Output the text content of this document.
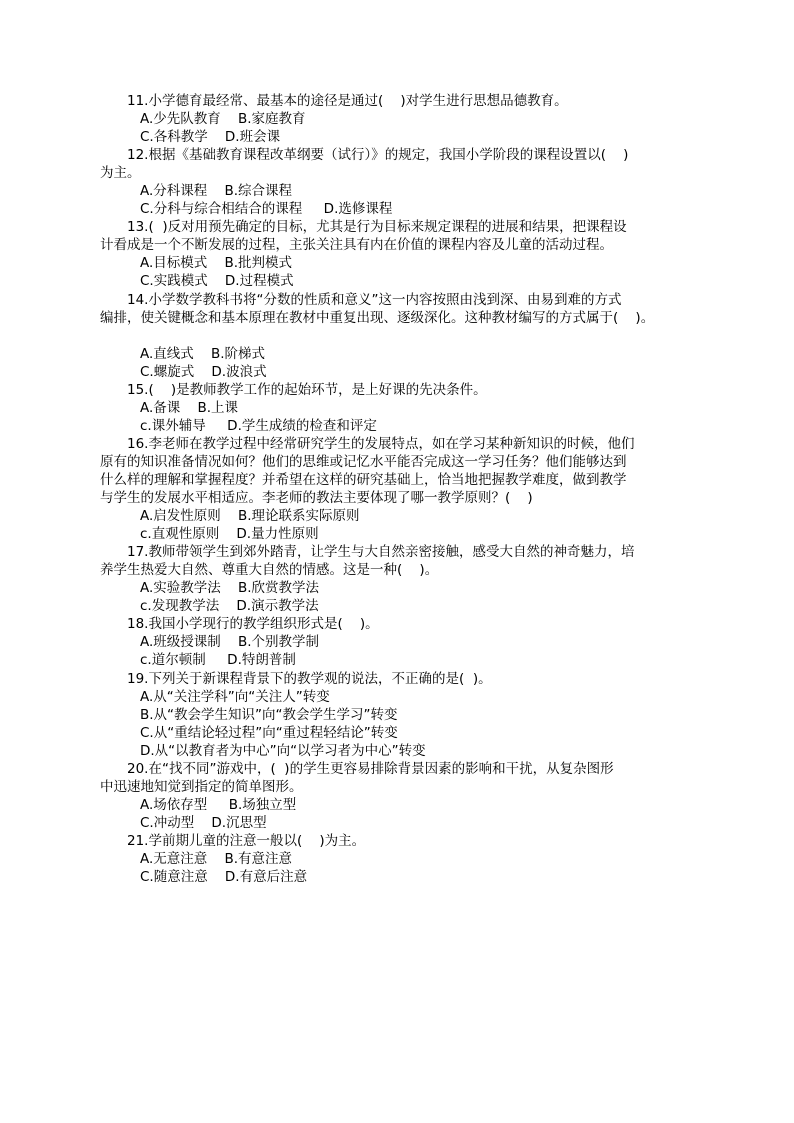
11.小学德育最经常、最基本的途径是通过(    )对学生进行思想品德教育。
A.少先队教育    B.家庭教育
C.各科教学    D.班会课
12.根据《基础教育课程改革纲要（试行）》的规定，我国小学阶段的课程设置以(    )
为主。
A.分科课程    B.综合课程
C.分科与综合相结合的课程     D.选修课程
13.(  )反对用预先确定的目标，尤其是行为目标来规定课程的进展和结果，把课程设
计看成是一个不断发展的过程，主张关注具有内在价值的课程内容及儿童的活动过程。
A.目标模式    B.批判模式
C.实践模式    D.过程模式
14.小学数学教科书将“分数的性质和意义”这一内容按照由浅到深、由易到难的方式
编排，使关键概念和基本原理在教材中重复出现、逐级深化。这种教材编写的方式属于(    )。
A.直线式    B.阶梯式
C.螺旋式    D.波浪式
15.(    )是教师教学工作的起始环节，是上好课的先决条件。
A.备课    B.上课
c.课外辅导     D.学生成绩的检查和评定
16.李老师在教学过程中经常研究学生的发展特点，如在学习某种新知识的时候，他们
原有的知识准备情况如何？他们的思维或记忆水平能否完成这一学习任务？他们能够达到
什么样的理解和掌握程度？并希望在这样的研究基础上，恰当地把握教学难度，做到教学
与学生的发展水平相适应。李老师的教法主要体现了哪一教学原则？(    )
A.启发性原则    B.理论联系实际原则
c.直观性原则    D.量力性原则
17.教师带领学生到郊外踏青，让学生与大自然亲密接触，感受大自然的神奇魅力，培
养学生热爱大自然、尊重大自然的情感。这是一种(    )。
A.实验教学法    B.欣赏教学法
c.发现教学法    D.演示教学法
18.我国小学现行的教学组织形式是(    )。
A.班级授课制    B.个别教学制
c.道尔顿制     D.特朗普制
19.下列关于新课程背景下的教学观的说法，不正确的是(  )。
A.从“关注学科”向“关注人”转变
B.从“教会学生知识”向“教会学生学习”转变
C.从“重结论轻过程”向“重过程轻结论”转变
D.从“以教育者为中心”向“以学习者为中心”转变
20.在“找不同”游戏中，(  )的学生更容易排除背景因素的影响和干扰，从复杂图形
中迅速地知觉到指定的简单图形。
A.场依存型     B.场独立型
C.冲动型    D.沉思型
21.学前期儿童的注意一般以(    )为主。
A.无意注意    B.有意注意
C.随意注意    D.有意后注意
